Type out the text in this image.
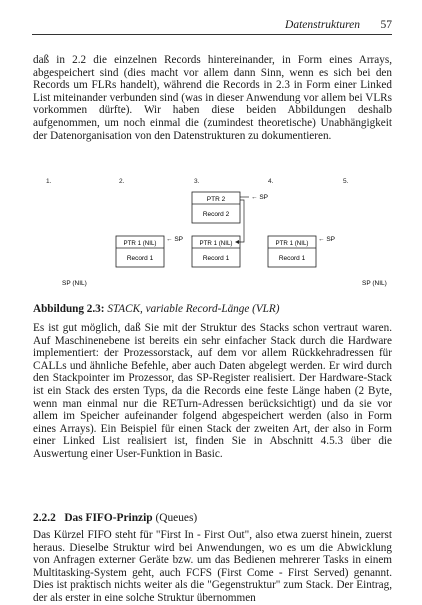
Datenstrukturen 57

daß in 2.2 die einzelnen Records hintereinander, in Form eines Arrays, abgespeichert sind (dies macht vor allem dann Sinn, wenn es sich bei den Records um FLRs handelt), während die Records in 2.3 in Form einer Linked List miteinander verbunden sind (was in dieser Anwendung vor allem bei VLRs vorkommen dürfte). Wir haben diese beiden Abbildungen deshalb aufgenommen, um noch einmal die (zumindest theoretische) Unabhängigkeit der Datenorganisation von den Datenstrukturen zu dokumentieren.

1.	2.	3.	4.	5.
PTR 2
Record 2
← SP
PTR 1 (NIL)
Record 1
← SP
PTR 1 (NIL)
Record 1
PTR 1 (NIL)
Record 1
← SP
SP (NIL)	SP (NIL)
Abbildung 2.3: STACK, variable Record-Länge (VLR)

Es ist gut möglich, daß Sie mit der Struktur des Stacks schon vertraut waren. Auf Maschinenebene ist bereits ein sehr einfacher Stack durch die Hardware implementiert: der Prozessorstack, auf dem vor allem Rückkehradressen für CALLs und ähnliche Befehle, aber auch Daten abgelegt werden. Er wird durch den Stackpointer im Prozessor, das SP-Register realisiert. Der Hardware-Stack ist ein Stack des ersten Typs, da die Records eine feste Länge haben (2 Byte, wenn man einmal nur die RETurn-Adressen berücksichtigt) und da sie vor allem im Speicher aufeinander folgend abgespeichert werden (also in Form eines Arrays). Ein Beispiel für einen Stack der zweiten Art, der also in Form einer Linked List realisiert ist, finden Sie in Abschnitt 4.5.3 über die Auswertung einer User-Funktion in Basic.

2.2.2 Das FIFO-Prinzip (Queues)

Das Kürzel FIFO steht für "First In - First Out", also etwa zuerst hinein, zuerst heraus. Dieselbe Struktur wird bei Anwendungen, wo es um die Abwicklung von Anfragen externer Geräte bzw. um das Bedienen mehrerer Tasks in einem Multitasking-System geht, auch FCFS (First Come - First Served) genannt. Dies ist praktisch nichts weiter als die "Gegenstruktur" zum Stack. Der Eintrag, der als erster in eine solche Struktur übernommen
